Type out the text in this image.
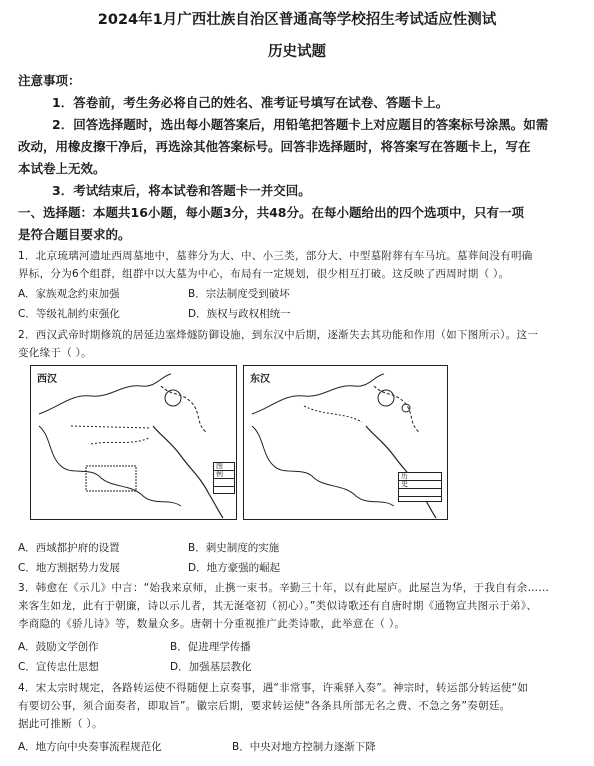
2024年1月广西壮族自治区普通高等学校招生考试适应性测试
历史试题
注意事项：
1．答卷前，考生务必将自己的姓名、准考证号填写在试卷、答题卡上。
2．回答选择题时，选出每小题答案后，用铅笔把答题卡上对应题目的答案标号涂黑。如需
改动，用橡皮擦干净后，再选涂其他答案标号。回答非选择题时，将答案写在答题卡上，写在
本试卷上无效。
3．考试结束后，将本试卷和答题卡一并交回。
一、选择题：本题共16小题，每小题3分，共48分。在每小题给出的四个选项中，只有一项
是符合题目要求的。
1．北京琉璃河遗址西周墓地中，墓葬分为大、中、小三类，部分大、中型墓附葬有车马坑。墓葬间没有明确
界标，分为6个组群，组群中以大墓为中心，布局有一定规划，很少相互打破。这反映了西周时期（ ）。
A．家族观念约束加强	B．宗法制度受到破坏
C．等级礼制约束强化	D．族权与政权相统一
2．西汉武帝时期修筑的居延边塞烽燧防御设施，到东汉中后期，逐渐失去其功能和作用（如下图所示）。这一
变化缘于（ ）。
西汉
图
例
东汉
历
史
A．西域都护府的设置	B．刺史制度的实施
C．地方割据势力发展	D．地方豪强的崛起
3．韩愈在《示儿》中言：“始我来京师，止携一束书。辛勤三十年，以有此屋庐。此屋岂为华，于我自有余……
来客生如龙，此有于朝廉，诗以示儿者，其无涎毫初（初心）。”类似诗歌还有自唐时期《通物宣共图示于弟》、
李商隐的《骄儿诗》等，数量众多。唐朝十分重视推广此类诗歌，此举意在（ ）。
A．鼓励文学创作	B．促进理学传播
C．宣传忠仕思想	D．加强基层教化
4．宋太宗时规定，各路转运使不得随便上京奏事，遇“非常事，许乘驿入奏”。神宗时，转运部分转运使“如
有要切公事，须合面奏者，即取旨”。徽宗后期，要求转运使“各条具所部无名之费、不急之务”奏朝廷。
据此可推断（ ）。
A．地方向中央奏事流程规范化	B．中央对地方控制力逐渐下降
